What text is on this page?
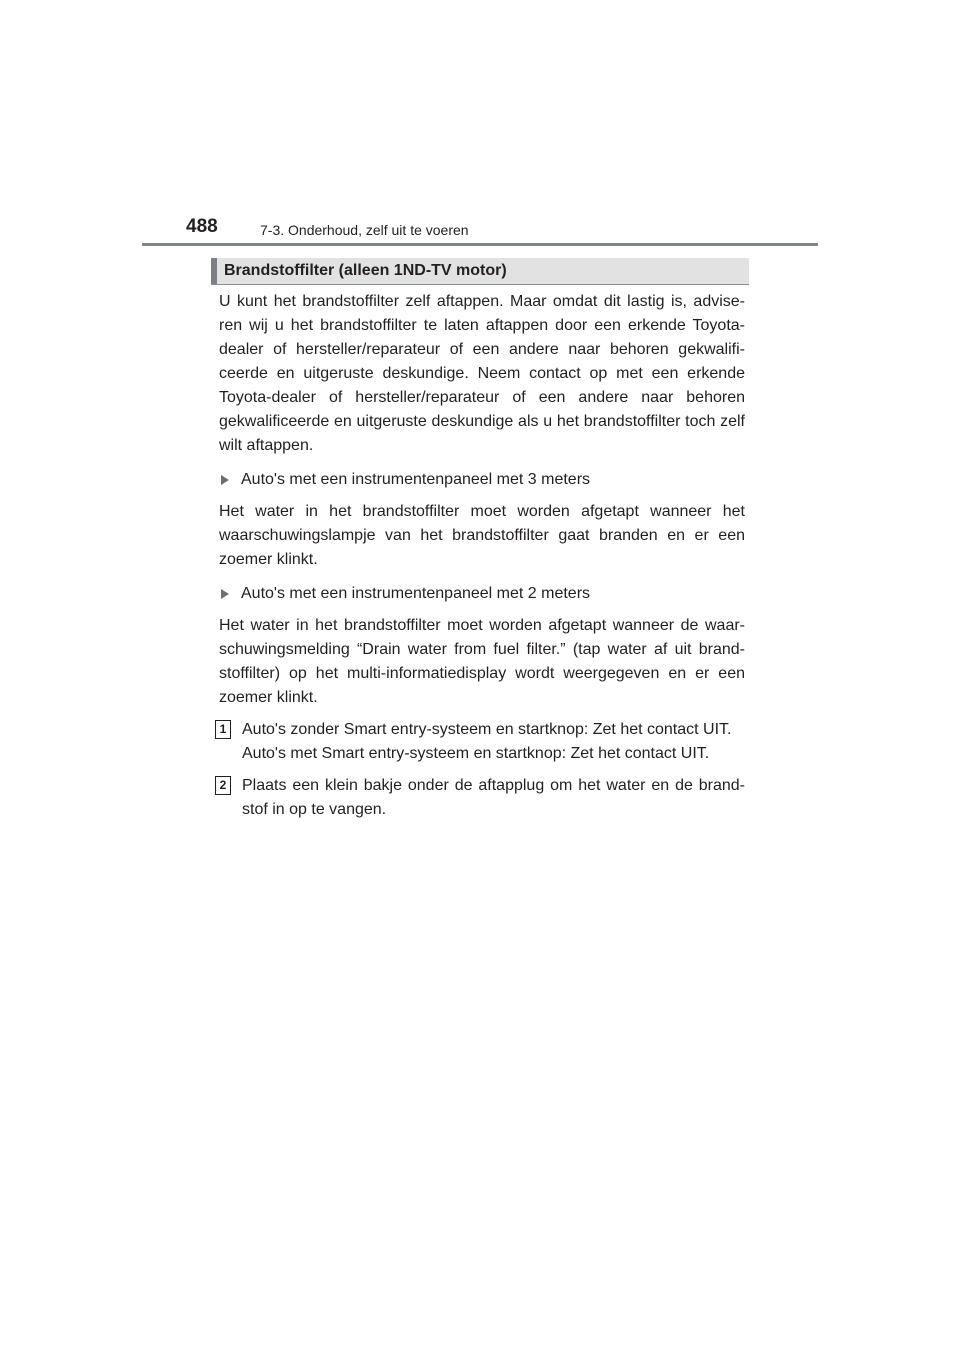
488	7-3. Onderhoud, zelf uit te voeren
Brandstoffilter (alleen 1ND-TV motor)

U kunt het brandstoffilter zelf aftappen. Maar omdat dit lastig is, advise-ren wij u het brandstoffilter te laten aftappen door een erkende Toyota-dealer of hersteller/reparateur of een andere naar behoren gekwalifi-ceerde en uitgeruste deskundige. Neem contact op met een erkende Toyota-dealer of hersteller/reparateur of een andere naar behoren gekwalificeerde en uitgeruste deskundige als u het brandstoffilter toch zelf wilt aftappen.

Auto's met een instrumentenpaneel met 3 meters

Het water in het brandstoffilter moet worden afgetapt wanneer het waarschuwingslampje van het brandstoffilter gaat branden en er een zoemer klinkt.

Auto's met een instrumentenpaneel met 2 meters

Het water in het brandstoffilter moet worden afgetapt wanneer de waar-schuwingsmelding “Drain water from fuel filter.” (tap water af uit brand-stoffilter) op het multi-informatiedisplay wordt weergegeven en er een zoemer klinkt.

1 Auto's zonder Smart entry-systeem en startknop: Zet het contact UIT.
Auto's met Smart entry-systeem en startknop: Zet het contact UIT.

2 Plaats een klein bakje onder de aftapplug om het water en de brand-stof in op te vangen.
